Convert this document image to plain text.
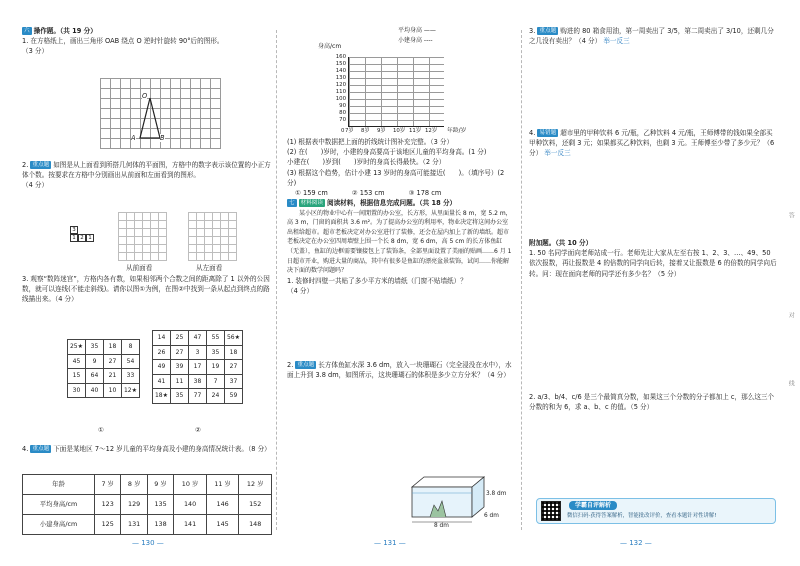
六 操作题。（共 19 分）

1. 在方格纸上，画出三角形 OAB 绕点 O 逆时针旋转 90°后的图形。

（3 分）

O
A	B

2. 重点题 如图是从上面看到所搭几何体的平面图，方格中的数字表示该位置的小正方体个数。按要求在方格中分别画出从前面和左面看到的图形。

（4 分）

3
1 2 1
从前面看	从左面看

3. 观察“数阵迷宫”，方格内各有数，如果相邻两个合数之间的距离除了 1 以外的公因数，就可以连线(不能走斜线)。请你以图①为例，在图②中找到一条从起点到终点的路线描出来。（4 分）

25★	35	18	8
45	9	27	54
15	64	21	33
30	40	10	12★
①
14	25	47	55	56★
26	27	3	35	18
49	39	17	19	27
41	11	38	7	37
18★	35	77	24	59
②

4. 重点题 下面是某地区 7～12 岁儿童的平均身高及小建的身高情况统计表。（8 分）

年龄	7 岁	8 岁	9 岁	10 岁	11 岁	12 岁
平均身高/cm	123	129	135	140	146	152
小建身高/cm	125	131	138	141	145	148
— 130 —
平均身高 ——
小建身高 ----
身高/cm
160
150
140
130
120
110
100
90
80
70
0 7岁	8岁	9岁	10岁 11岁 12岁	年龄/岁

(1) 根据表中数据把上面的折线统计图补充完整。（3 分）

(2) 在(　　)岁时，小建的身高要高于该地区儿童的平均身高。(1 分)

小建在(　　)岁到(　　)岁时的身高长得最快。（2 分）

(3) 根据这个趋势，估计小建 13 岁时的身高可能接近(　　)。（填序号）(2 分)

① 159 cm	② 153 cm	③ 178 cm

七 材料阅读 阅读材料，根据信息完成问题。（共 18 分）

某小区的物业中心有一间閒置的办公室，长方形，从里面量长 8 m，宽 5.2 m，高 3 m，门窗的面积共 3.6 m²。为了提高办公室的利用率，物业决定将这间办公室出租给超市。超市老板决定对办公室进行了装修，还会在屋内加上了新的墙纸。超市老板决定在办公室四周墙壁上围一个长 8 dm，宽 6 dm，高 5 cm 的长方体鱼缸（无盖），鱼缸的边框需要镶接包上了装饰条，全部里面设置了美丽的贴画……6 月 1 日超市开业，购进大量的商品，其中有很多是鱼缸的漂亮盆景装饰，试问……你能解决下面的数学问题吗？

1. 装修时四壁一共贴了多少平方米的墙纸（门窗不贴墙纸）？

（4 分）

2. 重点题 长方体鱼缸水深 3.6 dm，放入一块珊瑚石（完全浸没在水中），水面上升到 3.8 dm，如图所示，这块珊瑚石的体积是多少立方分米？（4 分）

3.8 dm
6 dm
8 dm
— 131 —

3. 重点题 购进的 80 箱食用油，第一周卖出了 3/5，第二周卖出了 3/10，还剩几分之几没有卖出？（4 分） 举一反三

4. 易错题 超市里的甲种饮料 6 元/瓶，乙种饮料 4 元/瓶，王师傅带的钱如果全部买甲种饮料，还剩 3 元；如果都买乙种饮料，也剩 3 元。王师傅至少带了多少元？（6 分） 举一反三

附加题。（共 10 分）

1. 50 名同学面向老师站成一行。老师先让大家从左至右按 1、2、3、…、49、50 依次报数，再让报数是 4 的倍数的同学向后转，接着又让报数是 6 的倍数的同学向后转。问：现在面向老师的同学还有多少名？（5 分）

2. a/3、b/4、c/6 是三个最简真分数，如果这三个分数的分子都加上 c，那么这三个分数的和为 6，求 a、b、c 的值。（5 分）

学霸自评解析
微信扫码·获得答案解析，智能批改评价，查看本题针对性讲解!
— 132 —
答
对
线
